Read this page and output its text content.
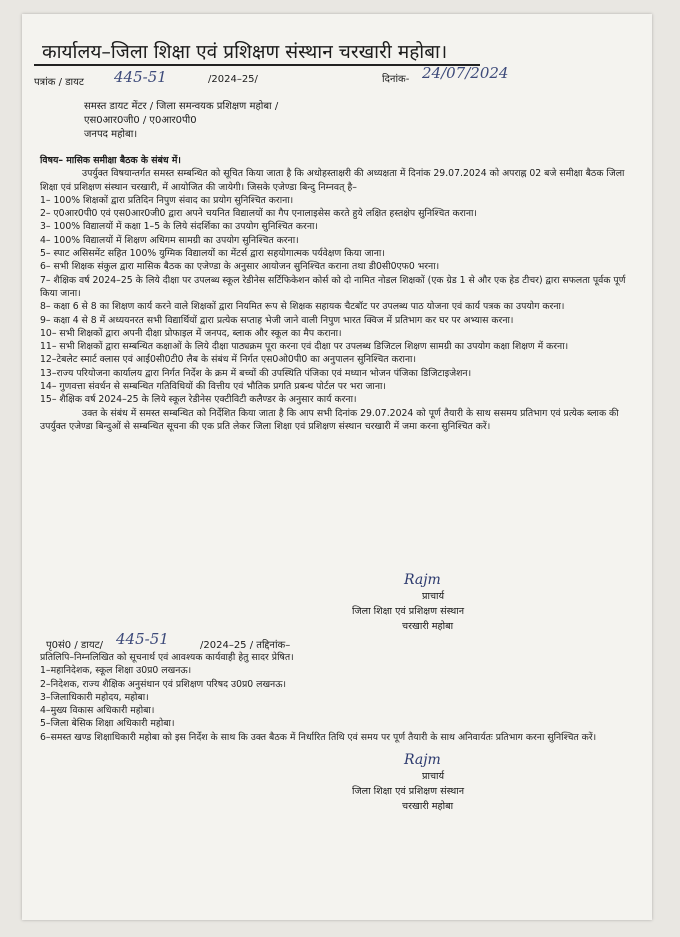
कार्यालय–जिला शिक्षा एवं प्रशिक्षण संस्थान चरखारी महोबा।
पत्रांक / डायट 445-51	/2024–25/	दिनांक- 24/07/2024
समस्त डायट मेंटर / जिला समन्वयक प्रशिक्षण महोबा /
एस0आर0जी0 / ए0आर0पी0
जनपद महोबा।

विषय– मासिक समीक्षा बैठक के संबंध में।

उपर्युक्त विषयान्तर्गत समस्त सम्बन्धित को सूचित किया जाता है कि अधोहस्ताक्षरी की अध्यक्षता में दिनांक 29.07.2024 को अपराह्न 02 बजे समीक्षा बैठक जिला शिक्षा एवं प्रशिक्षण संस्थान चरखारी, में आयोजित की जायेगी। जिसके एजेण्डा बिन्दु निम्नवत् है–

1– 100% शिक्षकों द्वारा प्रतिदिन निपुण संवाद का प्रयोग सुनिश्चित कराना।

2– ए0आर0पी0 एवं एस0आर0जी0 द्वारा अपने चयनित विद्यालयों का गैप एनालाइसेस करते हुये लक्षित हस्तक्षेप सुनिश्चित कराना।

3– 100% विद्यालयों में कक्षा 1–5 के लिये संदर्शिका का उपयोग सुनिश्चित करना।

4– 100% विद्यालयों में शिक्षण अधिगम सामग्री का उपयोग सुनिश्चित करना।

5– स्पाट असिसमेंट सहित 100% युग्मिक विद्यालयों का मेंटर्स द्वारा सहयोगात्मक पर्यवेक्षण किया जाना।

6– सभी शिक्षक संकुल द्वारा मासिक बैठक का एजेण्डा के अनुसार आयोजन सुनिश्चित कराना तथा डी0सी0एफ0 भरना।

7– शैक्षिक वर्ष 2024–25 के लिये दीक्षा पर उपलब्ध स्कूल रेडीनेस सर्टिफिकेशन कोर्स को दो नामित नोडल शिक्षकों (एक ग्रेड 1 से और एक हेड टीचर) द्वारा सफलता पूर्वक पूर्ण किया जाना।

8– कक्षा 6 से 8 का शिक्षण कार्य करने वाले शिक्षकों द्वारा नियमित रूप से शिक्षक सहायक चैटबॉट पर उपलब्ध पाठ योजना एवं कार्य पत्रक का उपयोग करना।

9– कक्षा 4 से 8 में अध्ययनरत सभी विद्यार्थियों द्वारा प्रत्येक सप्ताह भेजी जाने वाली निपुण भारत क्विज में प्रतिभाग कर घर पर अभ्यास करना।

10– सभी शिक्षकों द्वारा अपनी दीक्षा प्रोफाइल में जनपद, ब्लाक और स्कूल का मैप कराना।

11– सभी शिक्षकों द्वारा सम्बन्धित कक्षाओं के लिये दीक्षा पाठ्यक्रम पूरा करना एवं दीक्षा पर उपलब्ध डिजिटल शिक्षण सामग्री का उपयोग कक्षा शिक्षण में करना।

12–टेबलेट स्मार्ट क्लास एवं आई0सी0टी0 लैब के संबंध में निर्गत एस0ओ0पी0 का अनुपालन सुनिश्चित कराना।

13–राज्य परियोजना कार्यालय द्वारा निर्गत निर्देश के क्रम में बच्चों की उपस्थिति पंजिका एवं मध्यान भोजन पंजिका डिजिटाइजेशन।

14– गुणवत्ता संवर्धन से सम्बन्धित गतिविधियों की वित्तीय एवं भौतिक प्रगति प्रबन्ध पोर्टल पर भरा जाना।

15– शैक्षिक वर्ष 2024–25 के लिये स्कूल रेडीनेस एक्टीविटी कलैण्डर के अनुसार कार्य करना।

उक्त के संबंध में समस्त सम्बन्धित को निर्देशित किया जाता है कि आप सभी दिनांक 29.07.2024 को पूर्ण तैयारी के साथ ससमय प्रतिभाग एवं प्रत्येक ब्लाक की उपर्युक्त एजेण्डा बिन्दुओं से सम्बन्धित सूचना की एक प्रति लेकर जिला शिक्षा एवं प्रशिक्षण संस्थान चरखारी में जमा करना सुनिश्चित करें।

Rajm
प्राचार्य
जिला शिक्षा एवं प्रशिक्षण संस्थान
चरखारी महोबा
पृ0सं0 / डायट/ 445-51	/2024–25 / तद्दिनांक–

प्रतिलिपि–निम्नलिखित को सूचनार्थ एवं आवश्यक कार्यवाही हेतु सादर प्रेषित।

1–महानिदेशक, स्कूल शिक्षा उ0प्र0 लखनऊ।

2–निदेशक, राज्य शैक्षिक अनुसंधान एवं प्रशिक्षण परिषद उ0प्र0 लखनऊ।

3–जिलाधिकारी महोदय, महोबा।

4–मुख्य विकास अधिकारी महोबा।

5–जिला बेसिक शिक्षा अधिकारी महोबा।

6–समस्त खण्ड शिक्षाधिकारी महोबा को इस निर्देश के साथ कि उक्त बैठक में निर्धारित तिथि एवं समय पर पूर्ण तैयारी के साथ अनिवार्यतः प्रतिभाग करना सुनिश्चित करें।

Rajm
प्राचार्य
जिला शिक्षा एवं प्रशिक्षण संस्थान
चरखारी महोबा
